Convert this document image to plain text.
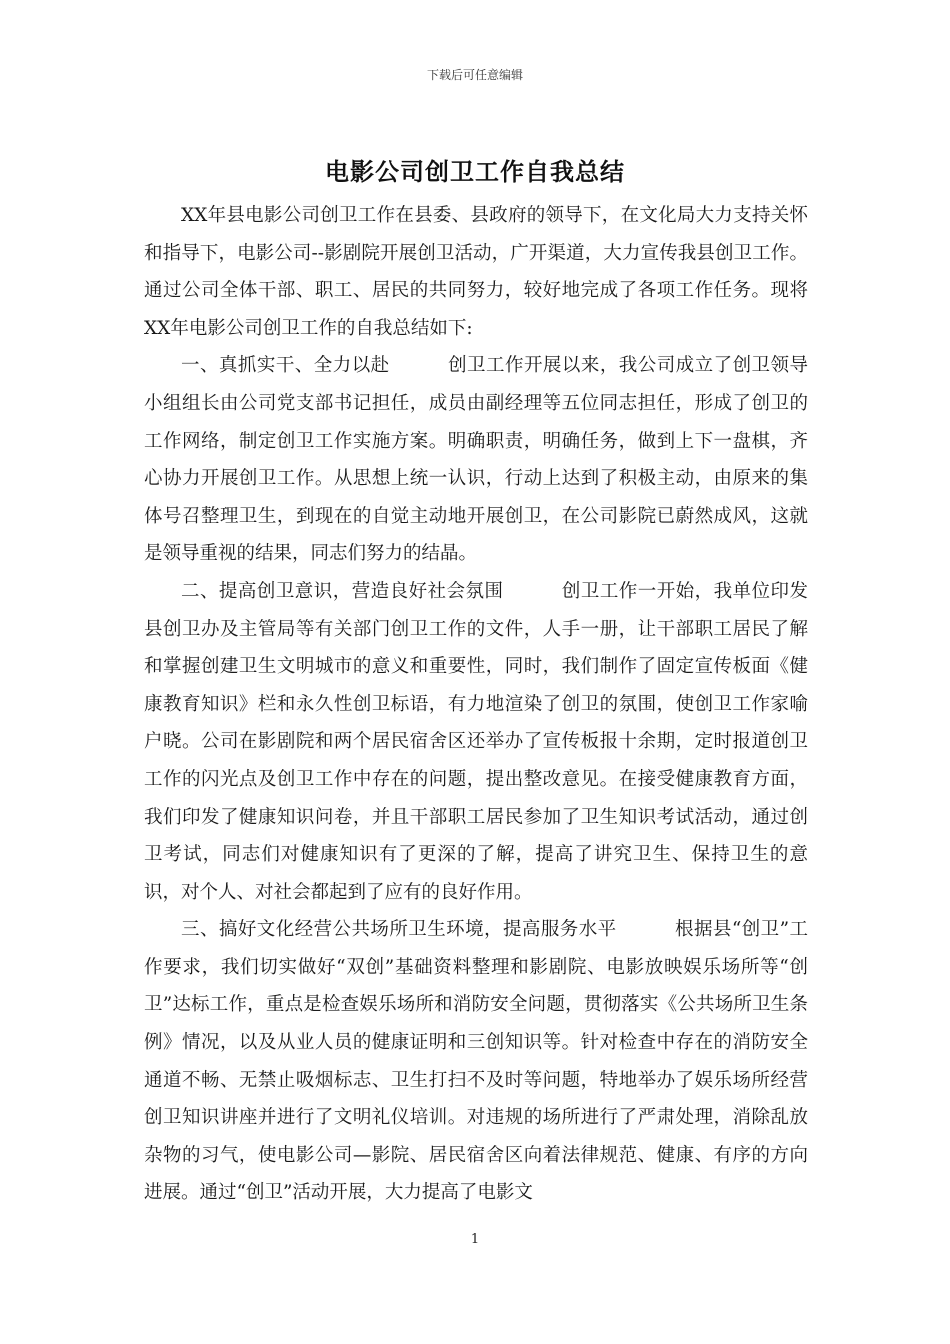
下载后可任意编辑
电影公司创卫工作自我总结

XX年县电影公司创卫工作在县委、县政府的领导下，在文化局大力支持关怀和指导下，电影公司--影剧院开展创卫活动，广开渠道，大力宣传我县创卫工作。通过公司全体干部、职工、居民的共同努力，较好地完成了各项工作任务。现将XX年电影公司创卫工作的自我总结如下:

一、真抓实干、全力以赴	创卫工作开展以来，我公司成立了创卫领导小组组长由公司党支部书记担任，成员由副经理等五位同志担任，形成了创卫的工作网络，制定创卫工作实施方案。明确职责，明确任务，做到上下一盘棋，齐心协力开展创卫工作。从思想上统一认识，行动上达到了积极主动，由原来的集体号召整理卫生，到现在的自觉主动地开展创卫，在公司影院已蔚然成风，这就是领导重视的结果，同志们努力的结晶。

二、提高创卫意识，营造良好社会氛围	创卫工作一开始，我单位印发县创卫办及主管局等有关部门创卫工作的文件，人手一册，让干部职工居民了解和掌握创建卫生文明城市的意义和重要性，同时，我们制作了固定宣传板面《健康教育知识》栏和永久性创卫标语，有力地渲染了创卫的氛围，使创卫工作家喻户晓。公司在影剧院和两个居民宿舍区还举办了宣传板报十余期，定时报道创卫工作的闪光点及创卫工作中存在的问题，提出整改意见。在接受健康教育方面，我们印发了健康知识问卷，并且干部职工居民参加了卫生知识考试活动，通过创卫考试，同志们对健康知识有了更深的了解，提高了讲究卫生、保持卫生的意识，对个人、对社会都起到了应有的良好作用。

三、搞好文化经营公共场所卫生环境，提高服务水平	根据县“创卫”工作要求，我们切实做好“双创”基础资料整理和影剧院、电影放映娱乐场所等“创卫”达标工作，重点是检查娱乐场所和消防安全问题，贯彻落实《公共场所卫生条例》情况，以及从业人员的健康证明和三创知识等。针对检查中存在的消防安全通道不畅、无禁止吸烟标志、卫生打扫不及时等问题，特地举办了娱乐场所经营创卫知识讲座并进行了文明礼仪培训。对违规的场所进行了严肃处理，消除乱放杂物的习气，使电影公司—影院、居民宿舍区向着法律规范、健康、有序的方向进展。通过“创卫”活动开展，大力提高了电影文

1
